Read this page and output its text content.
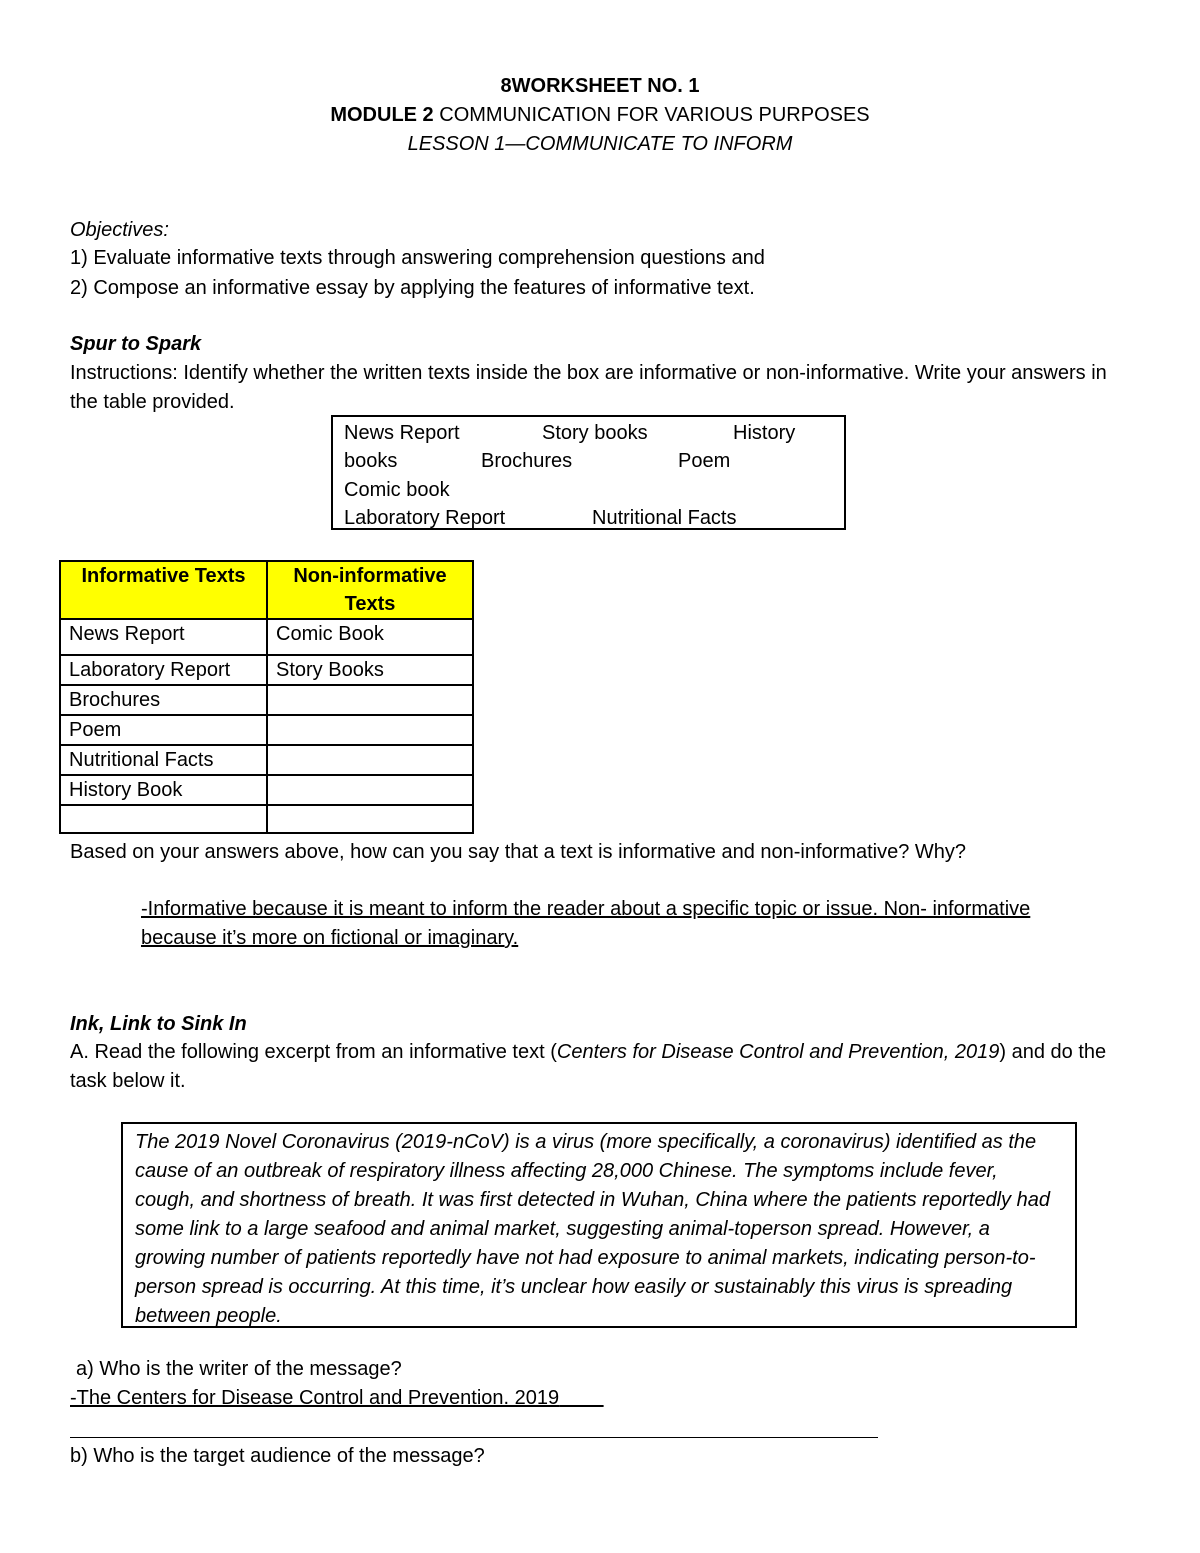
8WORKSHEET NO. 1
MODULE 2 COMMUNICATION FOR VARIOUS PURPOSES
LESSON 1—COMMUNICATE TO INFORM
Objectives:
1) Evaluate informative texts through answering comprehension questions and
2) Compose an informative essay by applying the features of informative text.
Spur to Spark
Instructions: Identify whether the written texts inside the box are informative or non-informative. Write your answers in the table provided.
News Report	Story books	History
books	Brochures	Poem
Comic book
Laboratory Report	Nutritional Facts
Informative Texts	Non-informative Texts
News Report	Comic Book
Laboratory Report	Story Books
Brochures	
Poem	
Nutritional Facts	
History Book	

Based on your answers above, how can you say that a text is informative and non-informative? Why?
-Informative because it is meant to inform the reader about a specific topic or issue. Non- informative
because it’s more on fictional or imaginary.
Ink, Link to Sink In
A. Read the following excerpt from an informative text (Centers for Disease Control and Prevention, 2019) and do the task below it.
The 2019 Novel Coronavirus (2019-nCoV) is a virus (more specifically, a coronavirus) identified as the cause of an outbreak of respiratory illness affecting 28,000 Chinese. The symptoms include fever, cough, and shortness of breath. It was first detected in Wuhan, China where the patients reportedly had some link to a large seafood and animal market, suggesting animal-toperson spread. However, a growing number of patients reportedly have not had exposure to animal markets, indicating person-to-person spread is occurring. At this time, it’s unclear how easily or sustainably this virus is spreading between people.
a) Who is the writer of the message?
-The Centers for Disease Control and Prevention. 2019
b) Who is the target audience of the message?
